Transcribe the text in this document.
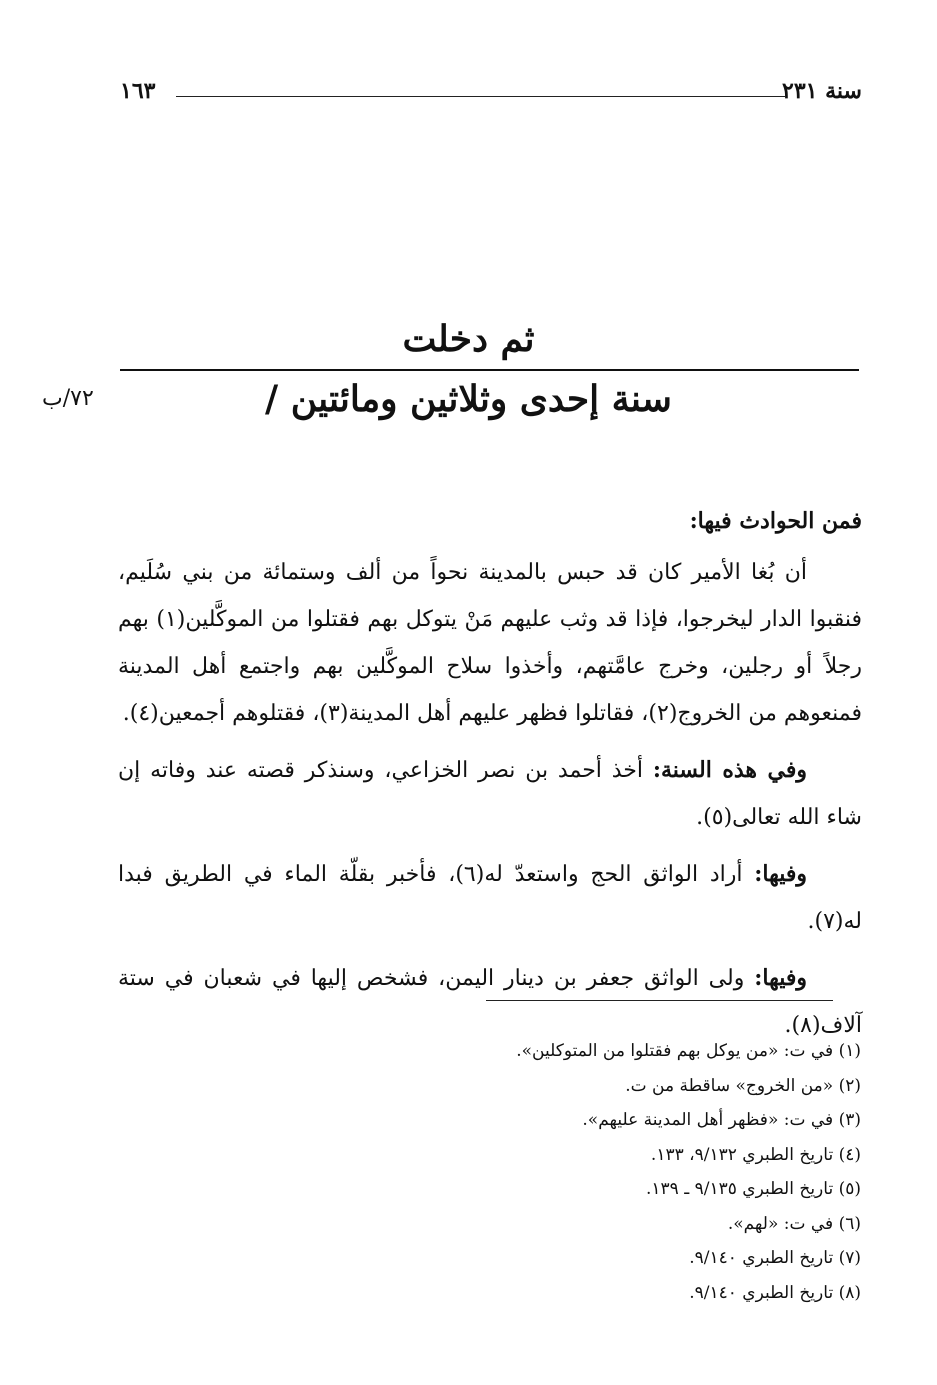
١٦٣	سنة ٢٣١
ثم دخلت
سنة إحدى وثلاثين ومائتين /
٧٢/ب

فمن الحوادث فيها:

أن بُغا الأمير كان قد حبس بالمدينة نحواً من ألف وستمائة من بني سُلَيم، فنقبوا الدار ليخرجوا، فإذا قد وثب عليهم مَنْ يتوكل بهم فقتلوا من الموكَّلين(١) بهم رجلاً أو رجلين، وخرج عامَّتهم، وأخذوا سلاح الموكَّلين بهم واجتمع أهل المدينة فمنعوهم من الخروج(٢)، فقاتلوا فظهر عليهم أهل المدينة(٣)، فقتلوهم أجمعين(٤).

وفي هذه السنة: أخذ أحمد بن نصر الخزاعي، وسنذكر قصته عند وفاته إن شاء الله تعالى(٥).

وفيها: أراد الواثق الحج واستعدّ له(٦)، فأخبر بقلّة الماء في الطريق فبدا له(٧).

وفيها: ولى الواثق جعفر بن دينار اليمن، فشخص إليها في شعبان في ستة آلاف(٨).

(١) في ت: «من يوكل بهم فقتلوا من المتوكلين».
(٢) «من الخروج» ساقطة من ت.
(٣) في ت: «فظهر أهل المدينة عليهم».
(٤) تاريخ الطبري ٩/١٣٢، ١٣٣.
(٥) تاريخ الطبري ٩/١٣٥ ـ ١٣٩.
(٦) في ت: «لهم».
(٧) تاريخ الطبري ٩/١٤٠.
(٨) تاريخ الطبري ٩/١٤٠.
